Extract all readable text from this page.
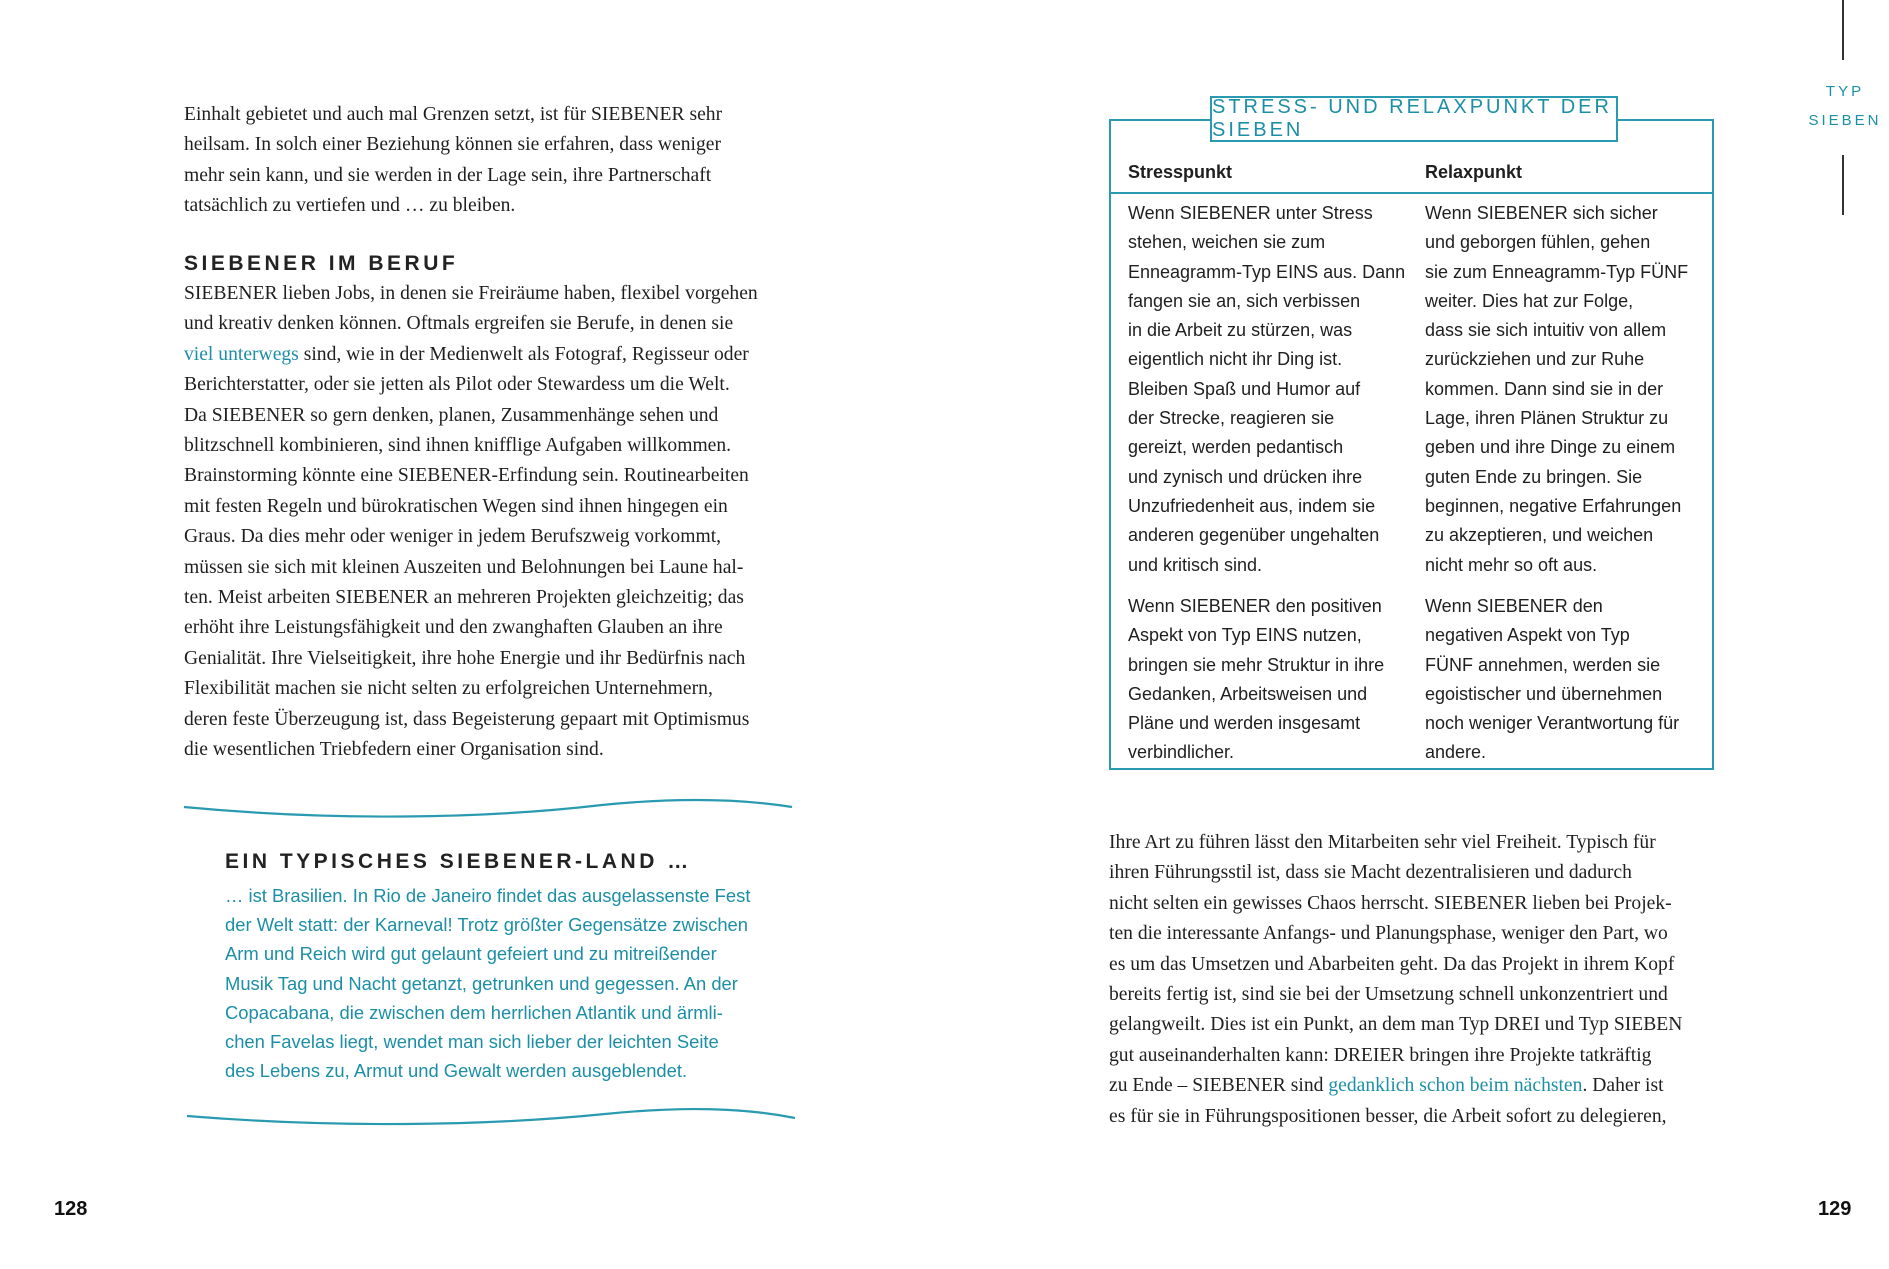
Einhalt gebietet und auch mal Grenzen setzt, ist für SIEBENER sehr

heilsam. In solch einer Beziehung können sie erfahren, dass weniger

mehr sein kann, und sie werden in der Lage sein, ihre Partnerschaft

tatsächlich zu vertiefen und … zu bleiben.

SIEBENER IM BERUF

SIEBENER lieben Jobs, in denen sie Freiräume haben, flexibel vorgehen

und kreativ denken können. Oftmals ergreifen sie Berufe, in denen sie

viel unterwegs sind, wie in der Medienwelt als Fotograf, Regisseur oder

Berichterstatter, oder sie jetten als Pilot oder Stewardess um die Welt.

Da SIEBENER so gern denken, planen, Zusammenhänge sehen und

blitzschnell kombinieren, sind ihnen knifflige Aufgaben willkommen.

Brainstorming könnte eine SIEBENER-Erfindung sein. Routinearbeiten

mit festen Regeln und bürokratischen Wegen sind ihnen hingegen ein

Graus. Da dies mehr oder weniger in jedem Berufszweig vorkommt,

müssen sie sich mit kleinen Auszeiten und Belohnungen bei Laune hal-

ten. Meist arbeiten SIEBENER an mehreren Projekten gleichzeitig; das

erhöht ihre Leistungsfähigkeit und den zwanghaften Glauben an ihre

Genialität. Ihre Vielseitigkeit, ihre hohe Energie und ihr Bedürfnis nach

Flexibilität machen sie nicht selten zu erfolgreichen Unternehmern,

deren feste Überzeugung ist, dass Begeisterung gepaart mit Optimismus

die wesentlichen Triebfedern einer Organisation sind.

EIN TYPISCHES SIEBENER-LAND …

… ist Brasilien. In Rio de Janeiro findet das ausgelassenste Fest

der Welt statt: der Karneval! Trotz größter Gegensätze zwischen

Arm und Reich wird gut gelaunt gefeiert und zu mitreißender

Musik Tag und Nacht getanzt, getrunken und gegessen. An der

Copacabana, die zwischen dem herrlichen Atlantik und ärmli-

chen Favelas liegt, wendet man sich lieber der leichten Seite

des Lebens zu, Armut und Gewalt werden ausgeblendet.

128
STRESS- UND RELAXPUNKT DER SIEBEN
Stresspunkt	Relaxpunkt
Wenn SIEBENER unter Stress
stehen, weichen sie zum
Enneagramm-Typ EINS aus. Dann
fangen sie an, sich verbissen
in die Arbeit zu stürzen, was
eigentlich nicht ihr Ding ist.
Bleiben Spaß und Humor auf
der Strecke, reagieren sie
gereizt, werden pedantisch
und zynisch und drücken ihre
Unzufriedenheit aus, indem sie
anderen gegenüber ungehalten
und kritisch sind.
Wenn SIEBENER sich sicher
und geborgen fühlen, gehen
sie zum Enneagramm-Typ FÜNF
weiter. Dies hat zur Folge,
dass sie sich intuitiv von allem
zurückziehen und zur Ruhe
kommen. Dann sind sie in der
Lage, ihren Plänen Struktur zu
geben und ihre Dinge zu einem
guten Ende zu bringen. Sie
beginnen, negative Erfahrungen
zu akzeptieren, und weichen
nicht mehr so oft aus.
Wenn SIEBENER den positiven
Aspekt von Typ EINS nutzen,
bringen sie mehr Struktur in ihre
Gedanken, Arbeitsweisen und
Pläne und werden insgesamt
verbindlicher.
Wenn SIEBENER den
negativen Aspekt von Typ
FÜNF annehmen, werden sie
egoistischer und übernehmen
noch weniger Verantwortung für
andere.

Ihre Art zu führen lässt den Mitarbeiten sehr viel Freiheit. Typisch für

ihren Führungsstil ist, dass sie Macht dezentralisieren und dadurch

nicht selten ein gewisses Chaos herrscht. SIEBENER lieben bei Projek-

ten die interessante Anfangs- und Planungsphase, weniger den Part, wo

es um das Umsetzen und Abarbeiten geht. Da das Projekt in ihrem Kopf

bereits fertig ist, sind sie bei der Umsetzung schnell unkonzentriert und

gelangweilt. Dies ist ein Punkt, an dem man Typ DREI und Typ SIEBEN

gut auseinanderhalten kann: DREIER bringen ihre Projekte tatkräftig

zu Ende – SIEBENER sind gedanklich schon beim nächsten. Daher ist

es für sie in Führungspositionen besser, die Arbeit sofort zu delegieren,

TYP
SIEBEN
129
